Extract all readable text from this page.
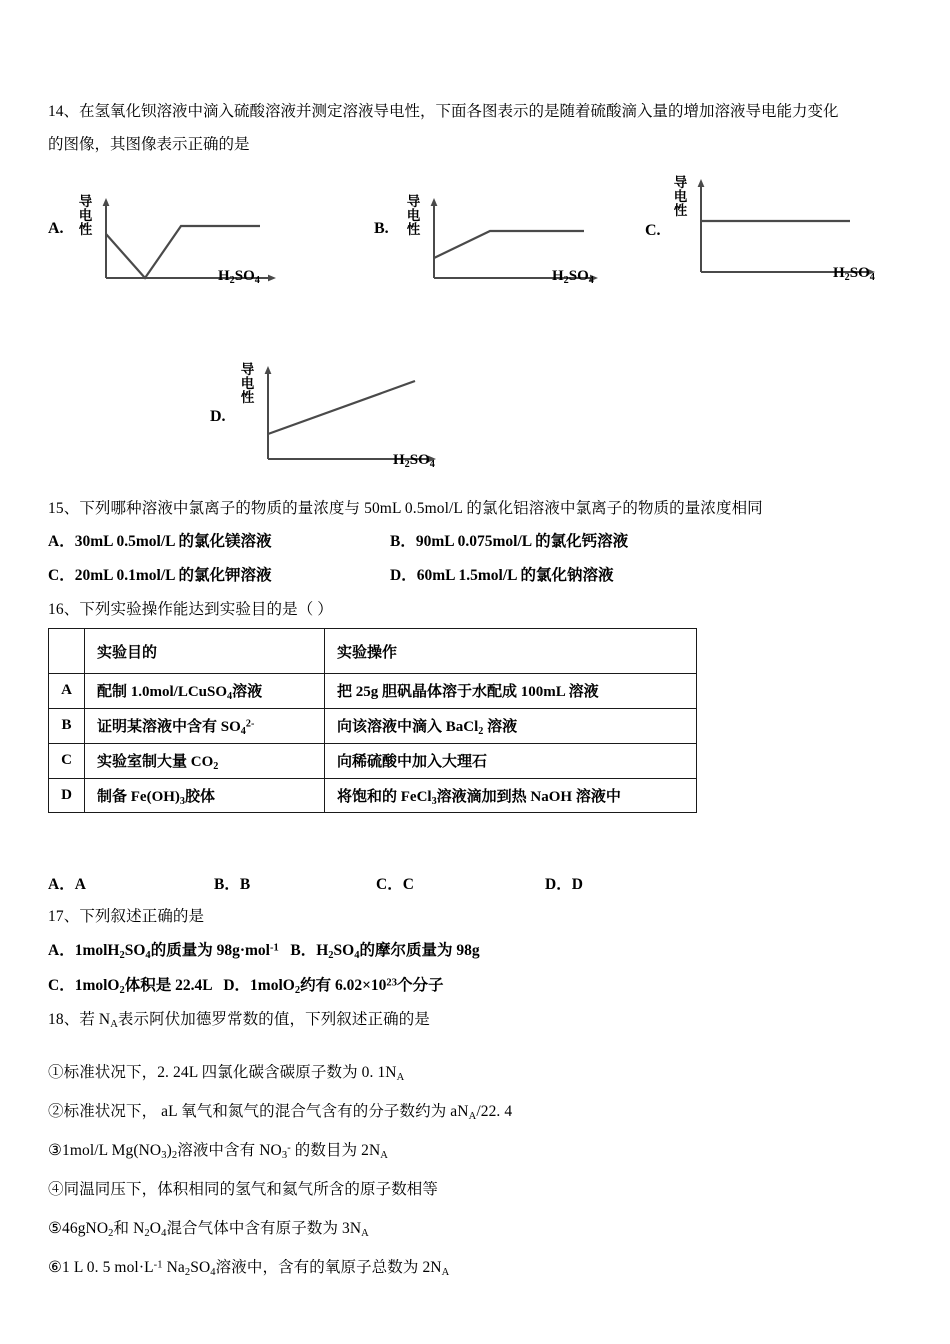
14、在氢氧化钡溶液中滴入硫酸溶液并测定溶液导电性，下面各图表示的是随着硫酸滴入量的增加溶液导电能力变化
的图像，其图像表示正确的是
A.
导
电
性
$H_2SO_4$
B.
导
电
性
$H_2SO_4$
C.
导
电
性
$H_2SO_4$
D.
导
电
性
$H_2SO_4$
15、下列哪种溶液中氯离子的物质的量浓度与 50mL 0.5mol/L 的氯化铝溶液中氯离子的物质的量浓度相同
A．30mL 0.5mol/L 的氯化镁溶液	B．90mL 0.075mol/L 的氯化钙溶液
C．20mL 0.1mol/L 的氯化钾溶液	D．60mL 1.5mol/L 的氯化钠溶液
16、下列实验操作能达到实验目的是（ ）
	实验目的	实验操作
A	配制 1.0mol/LCuSO$_4$溶液	把 25g 胆矾晶体溶于水配成 100mL 溶液
B	证明某溶液中含有 $SO_4^{2-}$	向该溶液中滴入 BaCl$_2$ 溶液
C	实验室制大量 $CO_2$	向稀硫酸中加入大理石
D	制备 $Fe(OH)_3$胶体	将饱和的 FeCl$_3$溶液滴加到热 NaOH 溶液中
A．A	B．B	C．C	D．D
17、下列叙述正确的是
A．$1molH_2SO_4$的质量为 98g·mol$^{-1}$   B．$H_2SO_4$的摩尔质量为 98g
C．1molO$_2$体积是 22.4L   D．1molO$_2$约有 $6.02\times 10^{23}$个分子
18、若 $N_A$表示阿伏加德罗常数的值，下列叙述正确的是
①标准状况下，2. 24L 四氯化碳含碳原子数为 0. $1N_A$
②标准状况下， aL 氧气和氮气的混合气含有的分子数约为 $aN_A/22$. 4
③1mol/L $Mg(NO_3)_2$溶液中含有 $NO_3^-$ 的数目为 $2N_A$
④同温同压下，体积相同的氢气和氦气所含的原子数相等
⑤46gNO$_2$和 $N_2O_4$混合气体中含有原子数为 $3N_A$
⑥1 L 0. 5 $mol\cdot L^{-1}$ $Na_2SO_4$溶液中，含有的氧原子总数为 $2N_A$
